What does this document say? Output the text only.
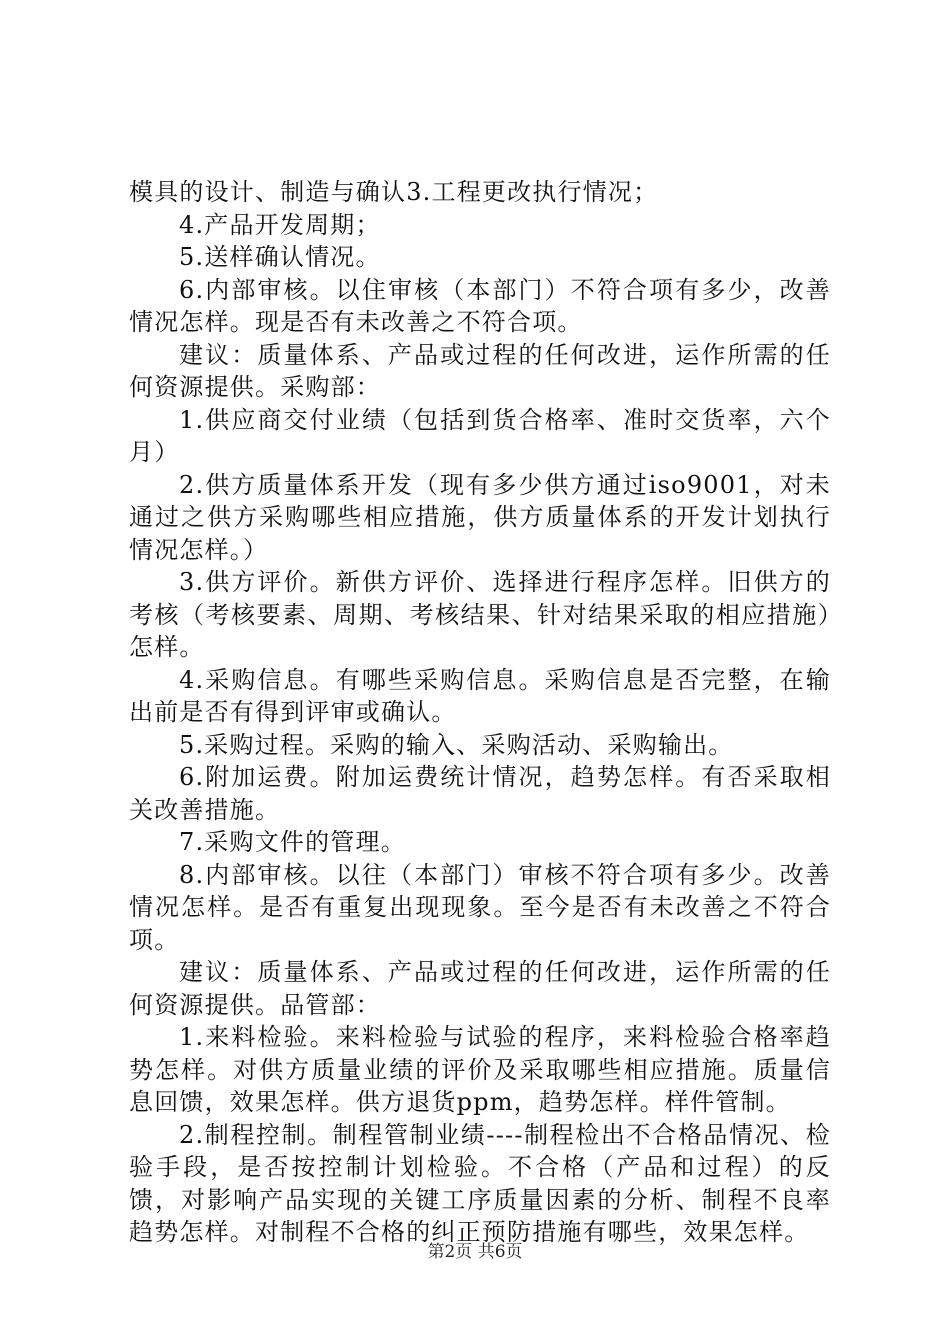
模具的设计、制造与确认3.工程更改执行情况；

4.产品开发周期；

5.送样确认情况。

6.内部审核。以住审核（本部门）不符合项有多少，改善情况怎样。现是否有未改善之不符合项。

建议：质量体系、产品或过程的任何改进，运作所需的任何资源提供。采购部：

1.供应商交付业绩（包括到货合格率、准时交货率，六个月）

2.供方质量体系开发（现有多少供方通过iso9001，对未通过之供方采购哪些相应措施，供方质量体系的开发计划执行情况怎样。）

3.供方评价。新供方评价、选择进行程序怎样。旧供方的考核（考核要素、周期、考核结果、针对结果采取的相应措施）怎样。

4.采购信息。有哪些采购信息。采购信息是否完整，在输出前是否有得到评审或确认。

5.采购过程。采购的输入、采购活动、采购输出。

6.附加运费。附加运费统计情况，趋势怎样。有否采取相关改善措施。

7.采购文件的管理。

8.内部审核。以往（本部门）审核不符合项有多少。改善情况怎样。是否有重复出现现象。至今是否有未改善之不符合项。

建议：质量体系、产品或过程的任何改进，运作所需的任何资源提供。品管部：

1.来料检验。来料检验与试验的程序，来料检验合格率趋势怎样。对供方质量业绩的评价及采取哪些相应措施。质量信息回馈，效果怎样。供方退货ppm，趋势怎样。样件管制。

2.制程控制。制程管制业绩----制程检出不合格品情况、检验手段，是否按控制计划检验。不合格（产品和过程）的反馈，对影响产品实现的关键工序质量因素的分析、制程不良率趋势怎样。对制程不合格的纠正预防措施有哪些，效果怎样。

第2页 共6页
